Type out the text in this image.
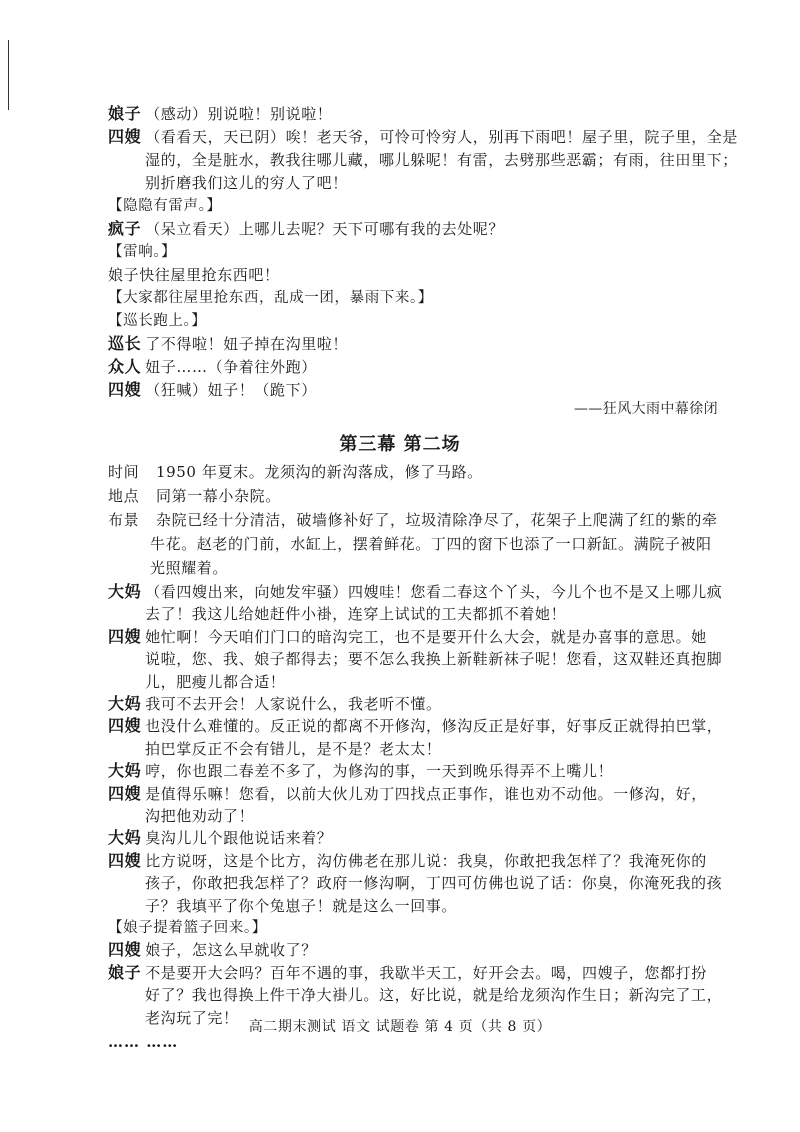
娘子 （感动）别说啦！别说啦！
四嫂 （看看天，天已阴）唉！老天爷，可怜可怜穷人，别再下雨吧！屋子里，院子里，全是
湿的，全是脏水，教我往哪儿藏，哪儿躲呢！有雷，去劈那些恶霸；有雨，往田里下；
别折磨我们这儿的穷人了吧！
【隐隐有雷声。】
疯子 （呆立看天）上哪儿去呢？天下可哪有我的去处呢？
【雷响。】
娘子快往屋里抢东西吧！
【大家都往屋里抢东西，乱成一团，暴雨下来。】
【巡长跑上。】
巡长 了不得啦！妞子掉在沟里啦！
众人 妞子……（争着往外跑）
四嫂 （狂喊）妞子！（跪下）
——狂风大雨中幕徐闭
第三幕 第二场
时间 1950 年夏末。龙须沟的新沟落成，修了马路。
地点 同第一幕小杂院。
布景 杂院已经十分清洁，破墙修补好了，垃圾清除净尽了，花架子上爬满了红的紫的牵
牛花。赵老的门前，水缸上，摆着鲜花。丁四的窗下也添了一口新缸。满院子被阳
光照耀着。
大妈 （看四嫂出来，向她发牢骚）四嫂哇！您看二春这个丫头，今儿个也不是又上哪儿疯
去了！我这儿给她赶件小褂，连穿上试试的工夫都抓不着她！
四嫂 她忙啊！今天咱们门口的暗沟完工，也不是要开什么大会，就是办喜事的意思。她
说啦，您、我、娘子都得去；要不怎么我换上新鞋新袜子呢！您看，这双鞋还真抱脚
儿，肥瘦儿都合适！
大妈 我可不去开会！人家说什么，我老听不懂。
四嫂 也没什么难懂的。反正说的都离不开修沟，修沟反正是好事，好事反正就得拍巴掌，
拍巴掌反正不会有错儿，是不是？老太太！
大妈 哼，你也跟二春差不多了，为修沟的事，一天到晚乐得弄不上嘴儿！
四嫂 是值得乐嘛！您看，以前大伙儿劝丁四找点正事作，谁也劝不动他。一修沟，好，
沟把他劝动了！
大妈 臭沟儿儿个跟他说话来着？
四嫂 比方说呀，这是个比方，沟仿佛老在那儿说：我臭，你敢把我怎样了？我淹死你的
孩子，你敢把我怎样了？政府一修沟啊，丁四可仿佛也说了话：你臭，你淹死我的孩
子？我填平了你个兔崽子！就是这么一回事。
【娘子提着篮子回来。】
四嫂 娘子，怎这么早就收了？
娘子 不是要开大会吗？百年不遇的事，我歇半天工，好开会去。喝，四嫂子，您都打扮
好了？我也得换上件干净大褂儿。这，好比说，就是给龙须沟作生日；新沟完了工，
老沟玩了完！
…… ……
高二期末测试 语文 试题卷 第 4 页（共 8 页）
